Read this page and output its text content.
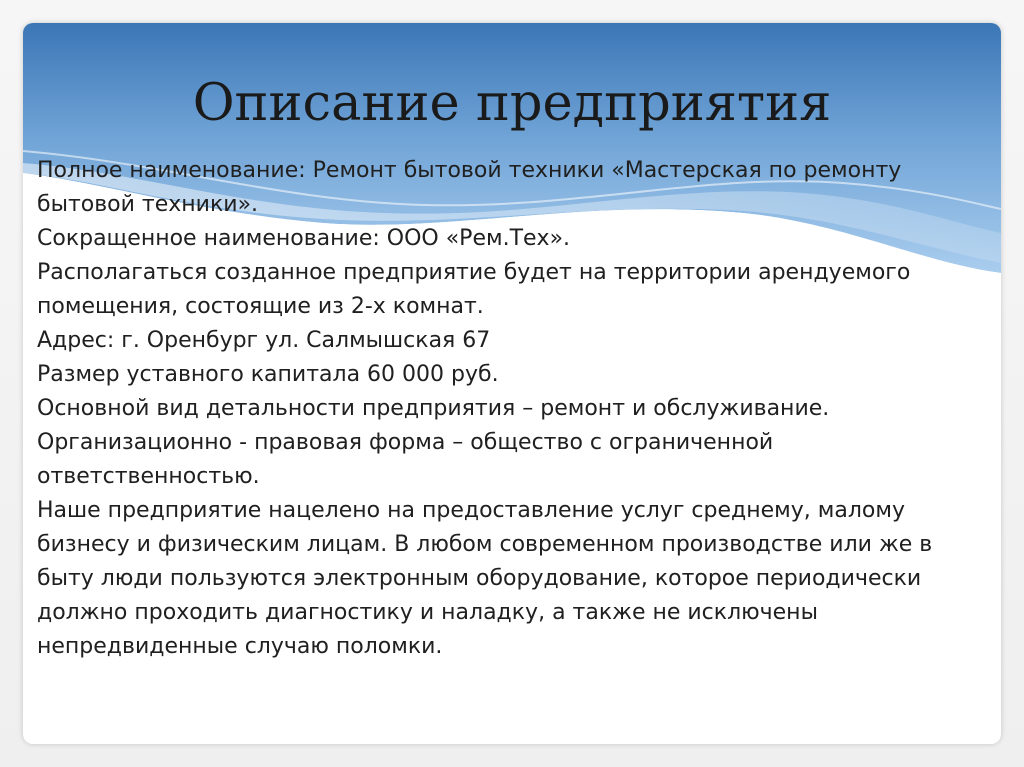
Описание предприятия

Полное наименование: Ремонт бытовой техники «Мастерская по ремонту бытовой техники».

Сокращенное наименование: ООО «Рем.Тех».

Располагаться созданное предприятие будет на территории арендуемого помещения, состоящие из 2-х комнат.

Адрес: г. Оренбург ул. Салмышская 67

Размер уставного капитала 60 000 руб.

Основной вид детальности предприятия – ремонт и обслуживание.

Организационно - правовая форма – общество с ограниченной ответственностью.

Наше предприятие нацелено на предоставление услуг среднему, малому бизнесу и физическим лицам. В любом современном производстве или же в быту люди пользуются электронным оборудование, которое периодически должно проходить диагностику и наладку, а также не исключены непредвиденные случаю поломки.
